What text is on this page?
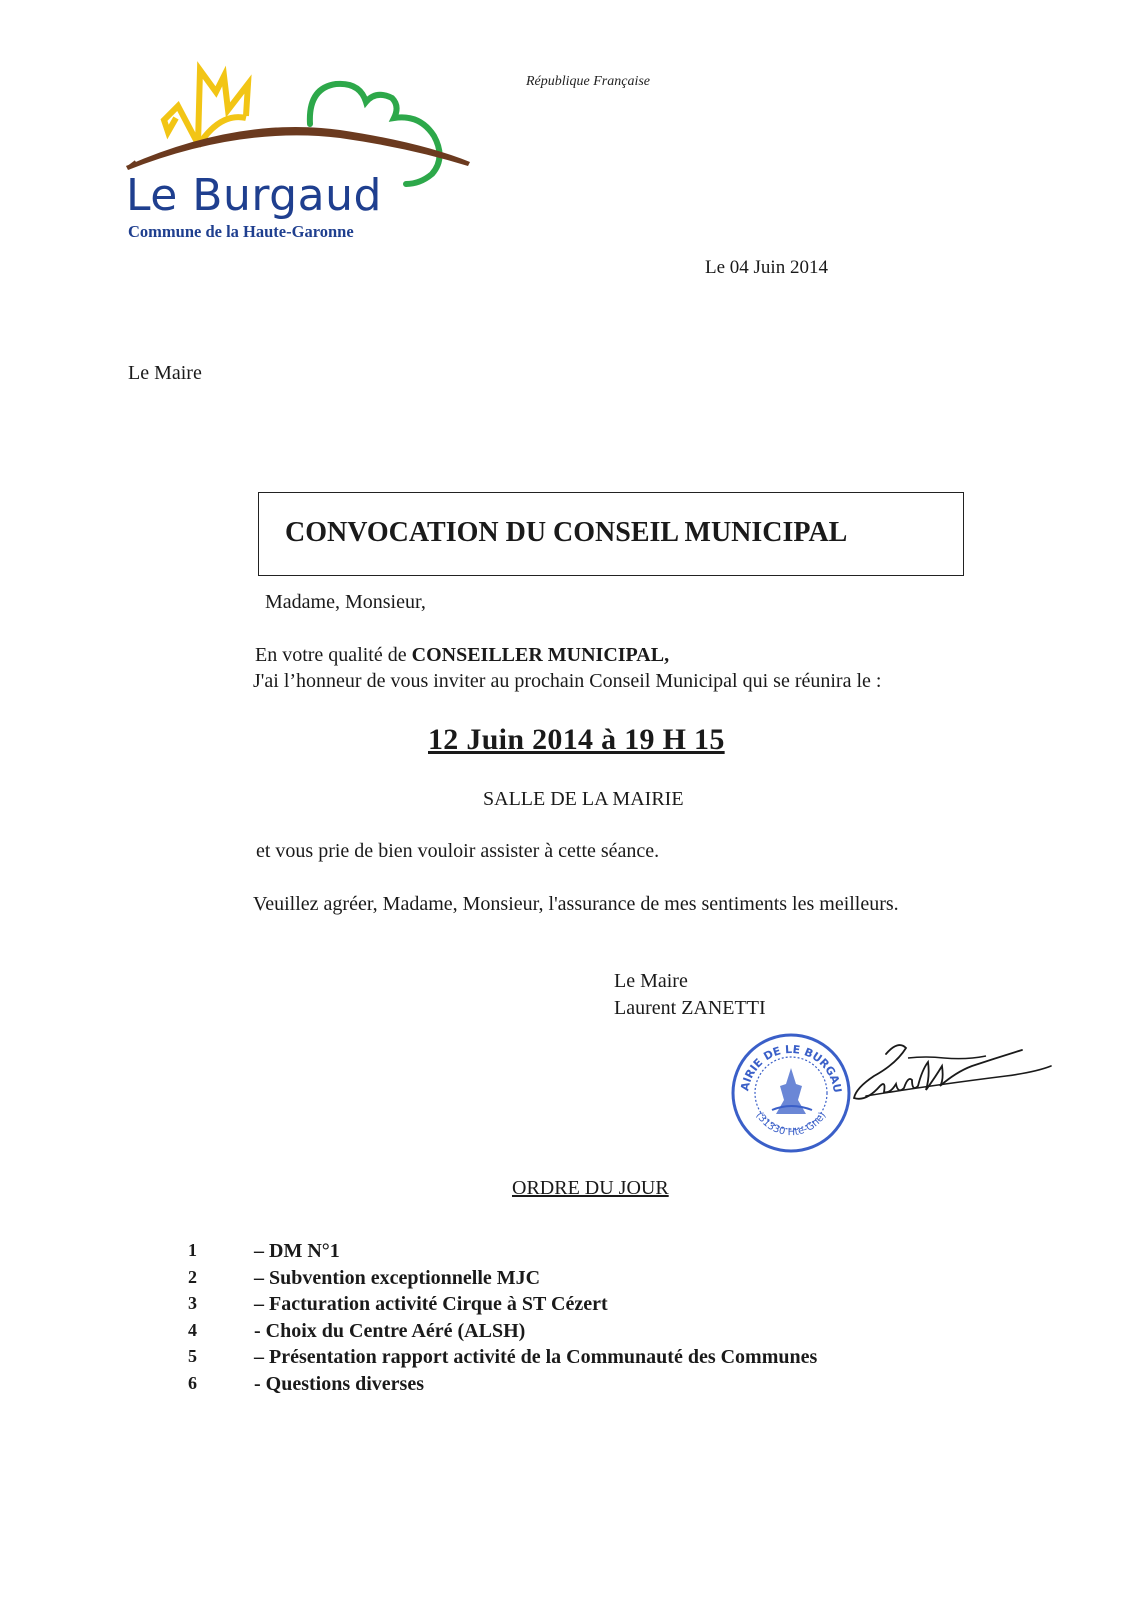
Le Burgaud
Commune de la Haute-Garonne
République Française
Le 04 Juin 2014
Le Maire
CONVOCATION DU CONSEIL MUNICIPAL
Madame, Monsieur,
En votre qualité de CONSEILLER MUNICIPAL,
J'ai l’honneur de vous inviter au prochain Conseil Municipal qui se réunira le :
12 Juin 2014 à 19 H 15
SALLE DE LA MAIRIE
et vous prie de bien vouloir assister à cette séance.
Veuillez agréer, Madame, Monsieur, l'assurance de mes sentiments les meilleurs.
Le Maire
Laurent ZANETTI
AIRIE DE LE BURGAU
(31330 Hte-Gne)
ORDRE DU JOUR
1	– DM N°1
2	– Subvention exceptionnelle MJC
3	– Facturation activité Cirque à ST Cézert
4	- Choix du Centre Aéré (ALSH)
5	– Présentation rapport activité de la Communauté des Communes
6	- Questions diverses
